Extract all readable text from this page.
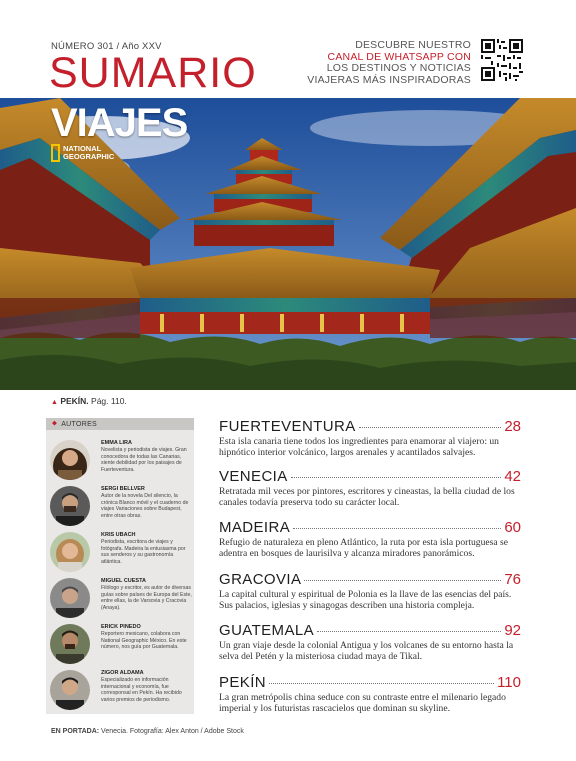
NÚMERO 301 / Año XXV
SUMARIO
DESCUBRE NUESTRO
CANAL DE WHATSAPP CON
LOS DESTINOS Y NOTICIAS
VIAJERAS MÁS INSPIRADORAS
VIAJES
NATIONAL
GEOGRAPHIC
▲ PEKÍN. Pág. 110.
⬥ AUTORES
EMMA LIRA
Novelista y periodista de viajes. Gran conocedora de todas las Canarias, siente debilidad por los paisajes de Fuerteventura.
SERGI BELLVER
Autor de la novela Del silencio, la crónica Blanco móvil y el cuaderno de viajes Variaciones sobre Budapest, entre otras obras.
KRIS UBACH
Periodista, escritora de viajes y fotógrafa. Madeira la entusiasma por sus senderos y su gastronomía atlántica.
MIGUEL CUESTA
Filólogo y escritor, es autor de diversas guías sobre países de Europa del Este, entre ellas, la de Varsovia y Cracovia (Anaya).
ERICK PINEDO
Reportero mexicano, colabora con National Geographic México. En este número, nos guía por Guatemala.
ZIGOR ALDAMA
Especializado en información internacional y economía, fue corresponsal en Pekín. Ha recibido varios premios de periodismo.
FUERTEVENTURA	28
Esta isla canaria tiene todos los ingredientes para enamorar al viajero: un hipnótico interior volcánico, largos arenales y acantilados salvajes.
VENECIA	42
Retratada mil veces por pintores, escritores y cineastas, la bella ciudad de los canales todavía preserva todo su carácter local.
MADEIRA	60
Refugio de naturaleza en pleno Atlántico, la ruta por esta isla portuguesa se adentra en bosques de laurisilva y alcanza miradores panorámicos.
GRACOVIA	76
La capital cultural y espiritual de Polonia es la llave de las esencias del país. Sus palacios, iglesias y sinagogas describen una historia compleja.
GUATEMALA	92
Un gran viaje desde la colonial Antigua y los volcanes de su entorno hasta la selva del Petén y la misteriosa ciudad maya de Tikal.
PEKÍN	110
La gran metrópolis china seduce con su contraste entre el milenario legado imperial y los futuristas rascacielos que dominan su skyline.
EN PORTADA: Venecia. Fotografía: Alex Anton / Adobe Stock
